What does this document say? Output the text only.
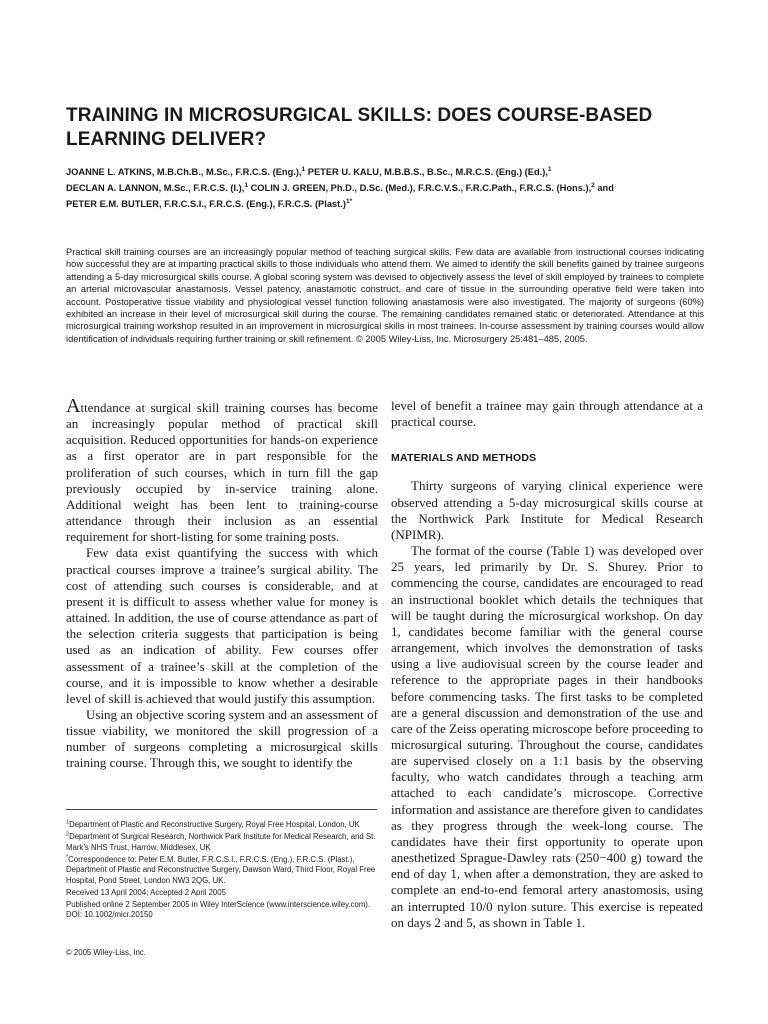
TRAINING IN MICROSURGICAL SKILLS: DOES COURSE-BASED LEARNING DELIVER?
JOANNE L. ATKINS, M.B.Ch.B., M.Sc., F.R.C.S. (Eng.),$^1$ PETER U. KALU, M.B.B.S., B.Sc., M.R.C.S. (Eng.) (Ed.),$^1$
DECLAN A. LANNON, M.Sc., F.R.C.S. (I.),$^1$ COLIN J. GREEN, Ph.D., D.Sc. (Med.), F.R.C.V.S., F.R.C.Path., F.R.C.S. (Hons.),$^2$ and
PETER E.M. BUTLER, F.R.C.S.I., F.R.C.S. (Eng.), F.R.C.S. (Plast.)$^{1*}$

Practical skill training courses are an increasingly popular method of teaching surgical skills. Few data are available from instructional courses indicating how successful they are at imparting practical skills to those individuals who attend them. We aimed to identify the skill benefits gained by trainee surgeons attending a 5-day microsurgical skills course. A global scoring system was devised to objectively assess the level of skill employed by trainees to complete an arterial microvascular anastamosis. Vessel patency, anastamotic construct, and care of tissue in the surrounding operative field were taken into account. Postoperative tissue viability and physiological vessel function following anastamosis were also investigated. The majority of surgeons (60%) exhibited an increase in their level of microsurgical skill during the course. The remaining candidates remained static or deteriorated. Attendance at this microsurgical training workshop resulted in an improvement in microsurgical skills in most trainees. In-course assessment by training courses would allow identification of individuals requiring further training or skill refinement. © 2005 Wiley-Liss, Inc. Microsurgery 25:481–485, 2005.

Attendance at surgical skill training courses has become an increasingly popular method of practical skill acquisition. Reduced opportunities for hands-on experience as a first operator are in part responsible for the proliferation of such courses, which in turn fill the gap previously occupied by in-service training alone. Additional weight has been lent to training-course attendance through their inclusion as an essential requirement for short-listing for some training posts.

Few data exist quantifying the success with which practical courses improve a trainee’s surgical ability. The cost of attending such courses is considerable, and at present it is difficult to assess whether value for money is attained. In addition, the use of course attendance as part of the selection criteria suggests that participation is being used as an indication of ability. Few courses offer assessment of a trainee’s skill at the completion of the course, and it is impossible to know whether a desirable level of skill is achieved that would justify this assumption.

Using an objective scoring system and an assessment of tissue viability, we monitored the skill progression of a number of surgeons completing a microsurgical skills training course. Through this, we sought to identify the

$^1$Department of Plastic and Reconstructive Surgery, Royal Free Hospital, London, UK

$^2$Department of Surgical Research, Northwick Park Institute for Medical Research, and St. Mark’s NHS Trust, Harrow, Middlesex, UK

*Correspondence to: Peter E.M. Butler, F.R.C.S.I., F.R.C.S. (Eng.), F.R.C.S. (Plast.), Department of Plastic and Reconstructive Surgery, Dawson Ward, Third Floor, Royal Free Hospital, Pond Street, London NW3 2QG, UK.

Received 13 April 2004; Accepted 2 April 2005

Published online 2 September 2005 in Wiley InterScience (www.interscience.wiley.com). DOI: 10.1002/micr.20150

© 2005 Wiley-Liss, Inc.

level of benefit a trainee may gain through attendance at a practical course.

MATERIALS AND METHODS

Thirty surgeons of varying clinical experience were observed attending a 5-day microsurgical skills course at the Northwick Park Institute for Medical Research (NPIMR).

The format of the course (Table 1) was developed over 25 years, led primarily by Dr. S. Shurey. Prior to commencing the course, candidates are encouraged to read an instructional booklet which details the techniques that will be taught during the microsurgical workshop. On day 1, candidates become familiar with the general course arrangement, which involves the demonstration of tasks using a live audiovisual screen by the course leader and reference to the appropriate pages in their handbooks before commencing tasks. The first tasks to be completed are a general discussion and demonstration of the use and care of the Zeiss operating microscope before proceeding to microsurgical suturing. Throughout the course, candidates are supervised closely on a 1:1 basis by the observing faculty, who watch candidates through a teaching arm attached to each candidate’s microscope. Corrective information and assistance are therefore given to candidates as they progress through the week-long course. The candidates have their first opportunity to operate upon anesthetized Sprague-Dawley rats (250−400 g) toward the end of day 1, when after a demonstration, they are asked to complete an end-to-end femoral artery anastomosis, using an interrupted 10/0 nylon suture. This exercise is repeated on days 2 and 5, as shown in Table 1.
